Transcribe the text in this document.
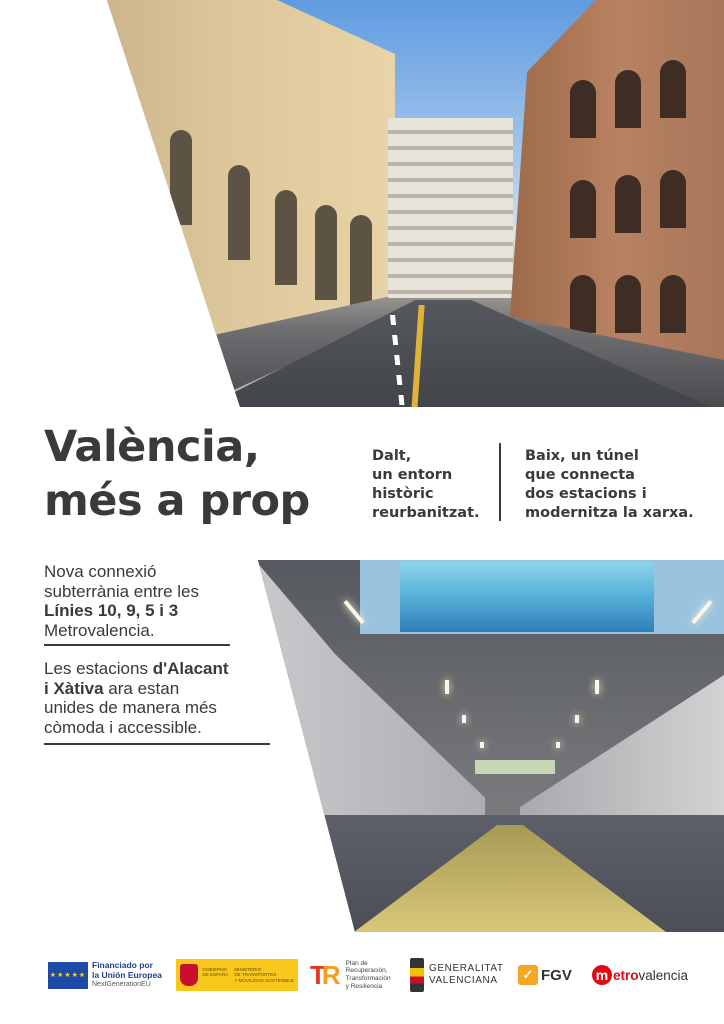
València,
més a prop
Dalt,
un entorn
històric
reurbanitzat.
Baix, un túnel
que connecta
dos estacions i
modernitza la xarxa.
Nova connexió
subterrània entre les
Línies 10, 9, 5 i 3
Metrovalencia.
Les estacions d'Alacant
i Xàtiva ara estan
unides de manera més
còmoda i accessible.
★★★★★
Financiado por
la Unión Europea
NextGenerationEU
GOBIERNO
DE ESPAÑA
MINISTERIO
DE TRANSPORTES
Y MOVILIDAD SOSTENIBLE TR Plan de
Recuperación,
Transformación
y Resiliencia
GENERALITAT
VALENCIANA	✓ FGV m etrovalencia
